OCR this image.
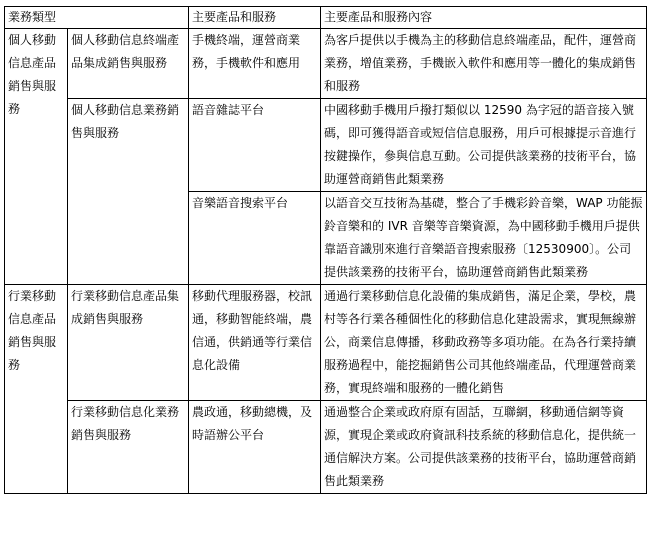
業務類型		主要產品和服務	主要產品和服務內容
個人移動信息產品銷售與服務	個人移動信息終端產品集成銷售與服務	手機終端，運營商業務，手機軟件和應用	為客戶提供以手機為主的移動信息終端產品，配件，運營商業務，增值業務，手機嵌入軟件和應用等一體化的集成銷售和服務
	個人移動信息業務銷售與服務	語音雜誌平台	中國移動手機用戶撥打類似以 12590 為字冠的語音接入號碼，即可獲得語音或短信信息服務，用戶可根據提示音進行按鍵操作，參與信息互動。公司提供該業務的技術平台，協助運營商銷售此類業務
		音樂語音搜索平台	以語音交互技術為基礎，整合了手機彩鈴音樂，WAP 功能振鈴音樂和的 IVR 音樂等音樂資源，為中國移動手機用戶提供靠語音識別來進行音樂語音搜索服務〔12530900〕。公司提供該業務的技術平台，協助運營商銷售此類業務
行業移動信息產品銷售與服務	行業移動信息產品集成銷售與服務	移動代理服務器，校訊通，移動智能終端，農信通，供銷通等行業信息化設備	通過行業移動信息化設備的集成銷售，滿足企業，學校，農村等各行業各種個性化的移動信息化建設需求，實現無線辦公，商業信息傳播，移動政務等多項功能。在為各行業持續服務過程中，能挖掘銷售公司其他終端產品，代理運營商業務，實現終端和服務的一體化銷售
	行業移動信息化業務銷售與服務	農政通，移動總機，及時語辦公平台	通過整合企業或政府原有固話，互聯網，移動通信網等資源，實現企業或政府資訊科技系統的移動信息化，提供統一通信解決方案。公司提供該業務的技術平台，協助運營商銷售此類業務
